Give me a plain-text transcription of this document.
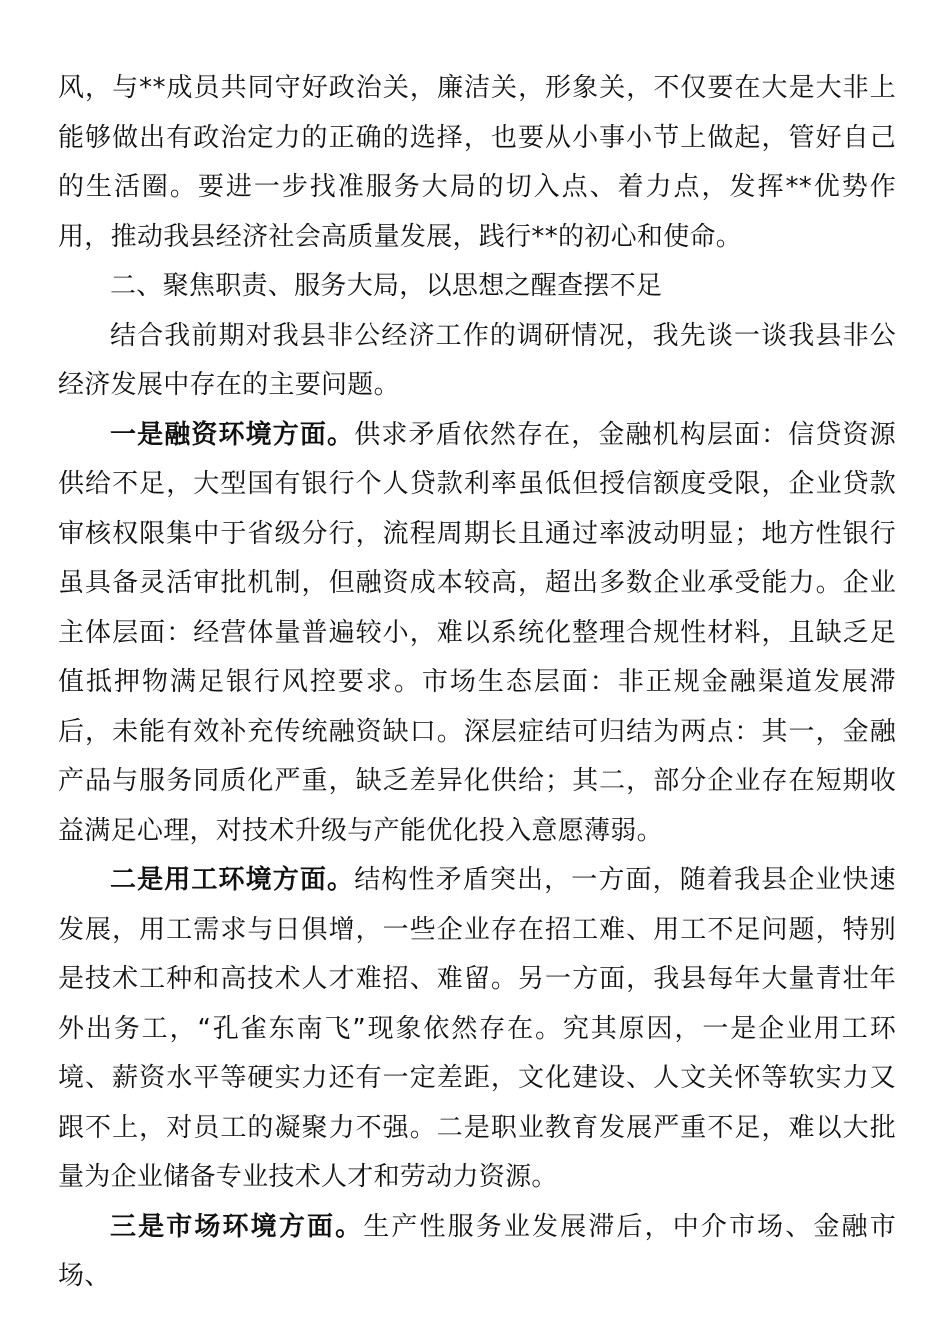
风，与**成员共同守好政治关，廉洁关，形象关，不仅要在大是大非上能够做出有政治定力的正确的选择，也要从小事小节上做起，管好自己的生活圈。要进一步找准服务大局的切入点、着力点，发挥**优势作用，推动我县经济社会高质量发展，践行**的初心和使命。

二、聚焦职责、服务大局，以思想之醒查摆不足

结合我前期对我县非公经济工作的调研情况，我先谈一谈我县非公经济发展中存在的主要问题。

一是融资环境方面。供求矛盾依然存在，金融机构层面：信贷资源供给不足，大型国有银行个人贷款利率虽低但授信额度受限，企业贷款审核权限集中于省级分行，流程周期长且通过率波动明显；地方性银行虽具备灵活审批机制，但融资成本较高，超出多数企业承受能力。企业主体层面：经营体量普遍较小，难以系统化整理合规性材料，且缺乏足值抵押物满足银行风控要求。市场生态层面：非正规金融渠道发展滞后，未能有效补充传统融资缺口。深层症结可归结为两点：其一，金融产品与服务同质化严重，缺乏差异化供给；其二，部分企业存在短期收益满足心理，对技术升级与产能优化投入意愿薄弱。

二是用工环境方面。结构性矛盾突出，一方面，随着我县企业快速发展，用工需求与日俱增，一些企业存在招工难、用工不足问题，特别是技术工种和高技术人才难招、难留。另一方面，我县每年大量青壮年外出务工，“孔雀东南飞”现象依然存在。究其原因，一是企业用工环境、薪资水平等硬实力还有一定差距，文化建设、人文关怀等软实力又跟不上，对员工的凝聚力不强。二是职业教育发展严重不足，难以大批量为企业储备专业技术人才和劳动力资源。

三是市场环境方面。生产性服务业发展滞后，中介市场、金融市场、
